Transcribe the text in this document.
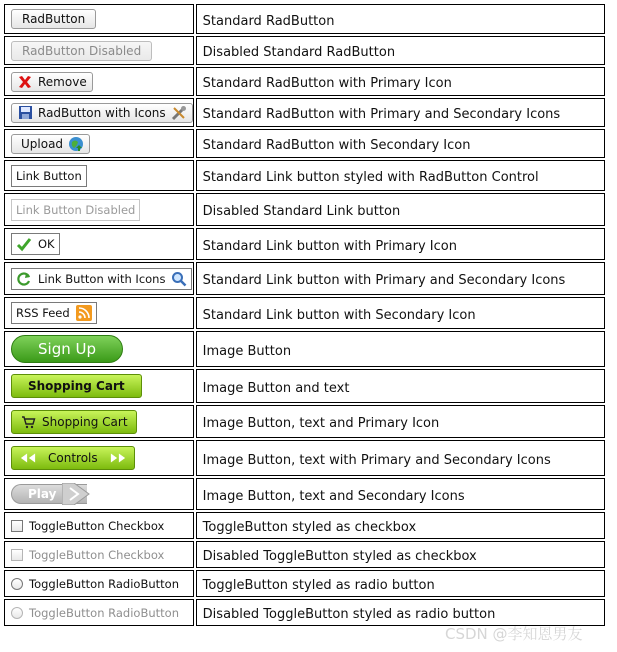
RadButton	Standard RadButton

RadButton Disabled	Disabled Standard RadButton

Remove	Standard RadButton with Primary Icon

RadButton with Icons	Standard RadButton with Primary and Secondary Icons

Upload	Standard RadButton with Secondary Icon

Link Button	Standard Link button styled with RadButton Control

Link Button Disabled	Disabled Standard Link button

OK	Standard Link button with Primary Icon

Link Button with Icons	Standard Link button with Primary and Secondary Icons

RSS Feed	Standard Link button with Secondary Icon

Sign Up	Image Button

Shopping Cart	Image Button and text

Shopping Cart	Image Button, text and Primary Icon

Controls	Image Button, text with Primary and Secondary Icons

Play	Image Button, text and Secondary Icons

ToggleButton Checkbox	ToggleButton styled as checkbox

ToggleButton Checkbox	Disabled ToggleButton styled as checkbox

ToggleButton RadioButton	ToggleButton styled as radio button

ToggleButton RadioButton	Disabled ToggleButton styled as radio button
CSDN @李知恩男友
